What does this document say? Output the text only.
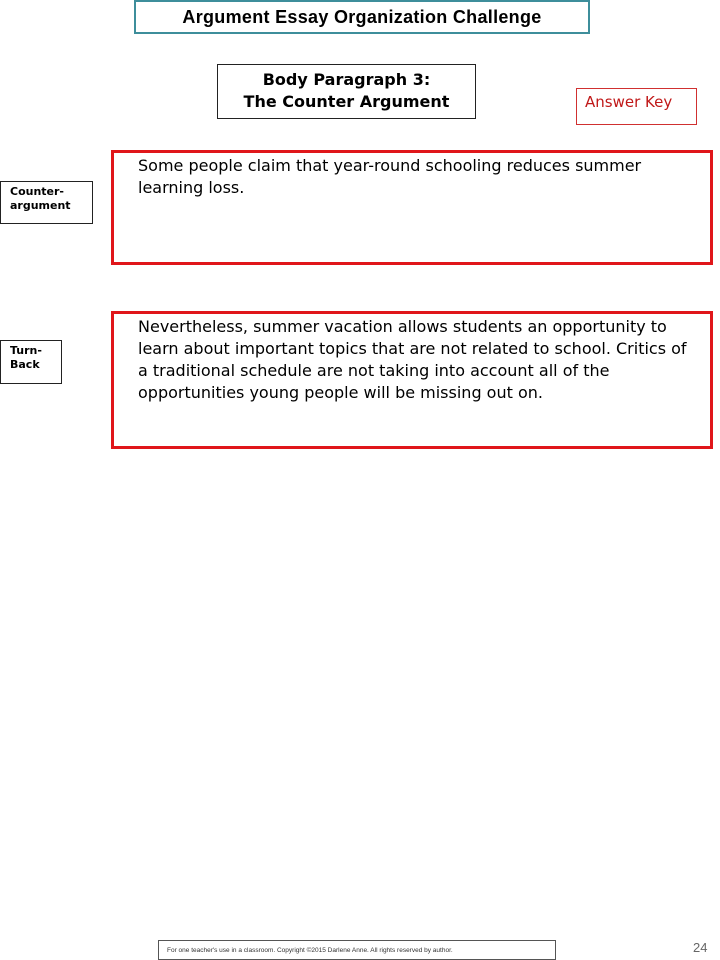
Argument Essay Organization Challenge
Body Paragraph 3:
The Counter Argument	Answer Key
Counter-
argument
Some people claim that year-round schooling reduces summer learning loss.
Turn-
Back
Nevertheless, summer vacation allows students an opportunity to learn about important topics that are not related to school. Critics of a traditional schedule are not taking into account all of the opportunities young people will be missing out on.
For one teacher's use in a classroom. Copyright ©2015 Darlene Anne. All rights reserved by author.	24
